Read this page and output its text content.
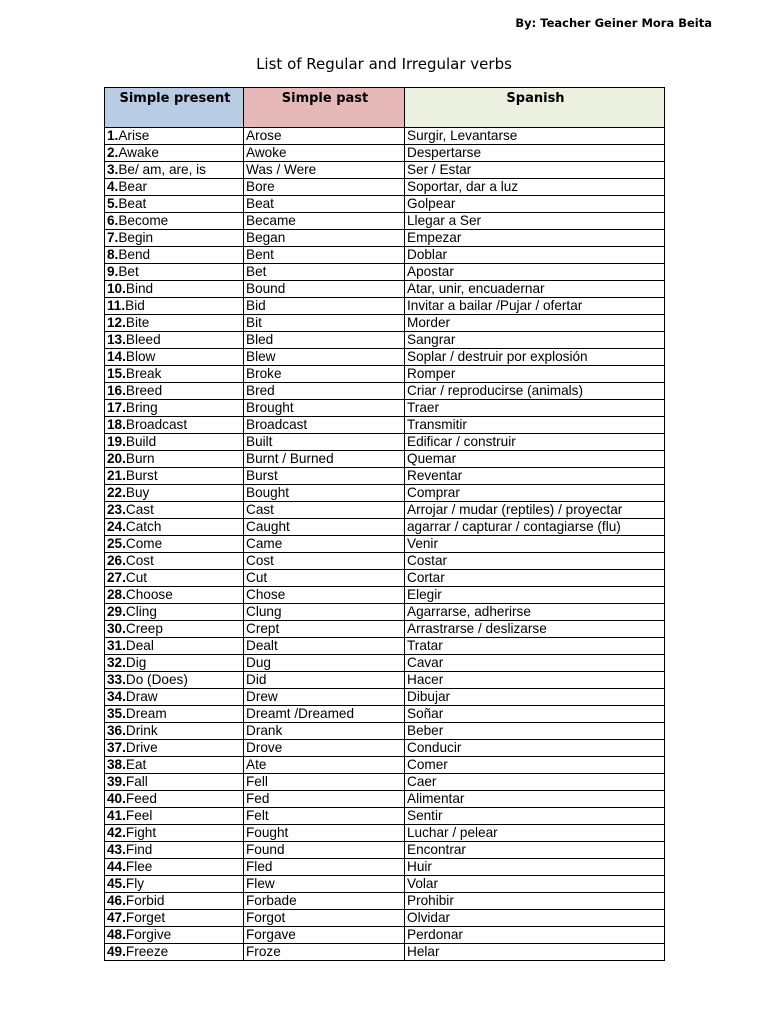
By: Teacher Geiner Mora Beita
List of Regular and Irregular verbs
Simple present	Simple past	Spanish
1.Arise	Arose	Surgir, Levantarse
2.Awake	Awoke	Despertarse
3.Be/ am, are, is	Was / Were	Ser / Estar
4.Bear	Bore	Soportar, dar a luz
5.Beat	Beat	Golpear
6.Become	Became	Llegar a Ser
7.Begin	Began	Empezar
8.Bend	Bent	Doblar
9.Bet	Bet	Apostar
10.Bind	Bound	Atar, unir, encuadernar
11.Bid	Bid	Invitar a bailar /Pujar / ofertar
12.Bite	Bit	Morder
13.Bleed	Bled	Sangrar
14.Blow	Blew	Soplar / destruir por explosión
15.Break	Broke	Romper
16.Breed	Bred	Criar / reproducirse (animals)
17.Bring	Brought	Traer
18.Broadcast	Broadcast	Transmitir
19.Build	Built	Edificar / construir
20.Burn	Burnt / Burned	Quemar
21.Burst	Burst	Reventar
22.Buy	Bought	Comprar
23.Cast	Cast	Arrojar / mudar (reptiles) / proyectar
24.Catch	Caught	agarrar / capturar / contagiarse (flu)
25.Come	Came	Venir
26.Cost	Cost	Costar
27.Cut	Cut	Cortar
28.Choose	Chose	Elegir
29.Cling	Clung	Agarrarse, adherirse
30.Creep	Crept	Arrastrarse / deslizarse
31.Deal	Dealt	Tratar
32.Dig	Dug	Cavar
33.Do (Does)	Did	Hacer
34.Draw	Drew	Dibujar
35.Dream	Dreamt /Dreamed	Soñar
36.Drink	Drank	Beber
37.Drive	Drove	Conducir
38.Eat	Ate	Comer
39.Fall	Fell	Caer
40.Feed	Fed	Alimentar
41.Feel	Felt	Sentir
42.Fight	Fought	Luchar / pelear
43.Find	Found	Encontrar
44.Flee	Fled	Huir
45.Fly	Flew	Volar
46.Forbid	Forbade	Prohibir
47.Forget	Forgot	Olvidar
48.Forgive	Forgave	Perdonar
49.Freeze	Froze	Helar
